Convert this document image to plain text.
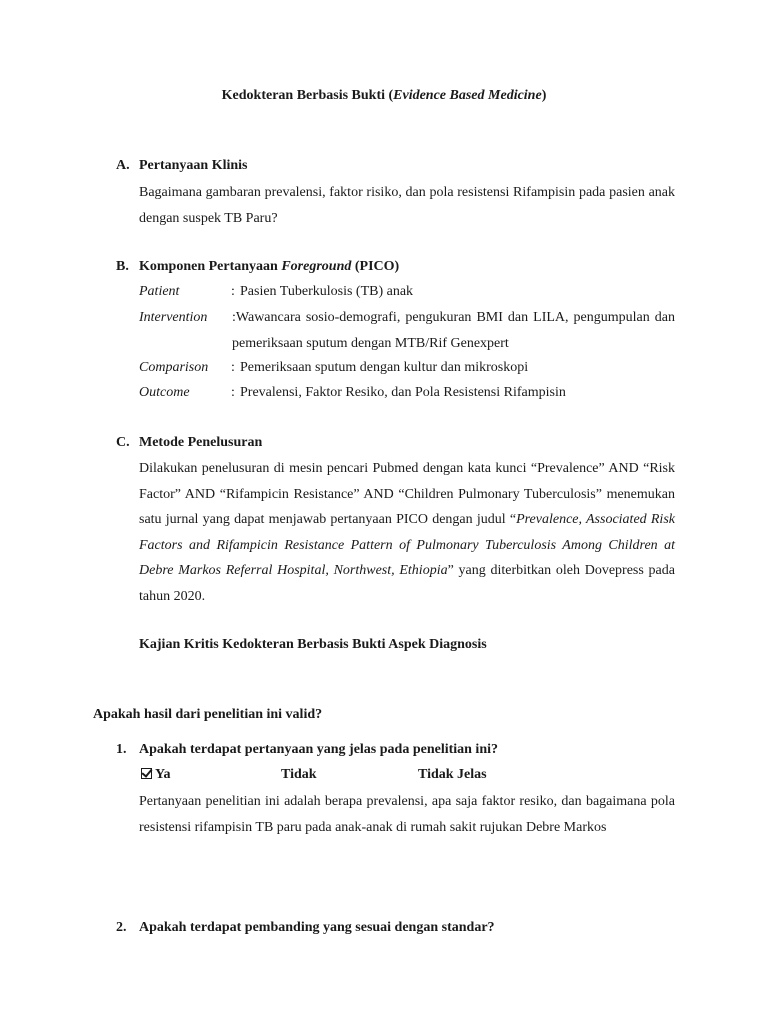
Kedokteran Berbasis Bukti (Evidence Based Medicine)
A. Pertanyaan Klinis
Bagaimana gambaran prevalensi, faktor risiko, dan pola resistensi Rifampisin pada pasien anak dengan suspek TB Paru?
B. Komponen Pertanyaan Foreground (PICO)
Patient	: Pasien Tuberkulosis (TB) anak
Intervention :Wawancara sosio-demografi, pengukuran BMI dan LILA, pengumpulan dan pemeriksaan sputum dengan MTB/Rif Genexpert
Comparison : Pemeriksaan sputum dengan kultur dan mikroskopi
Outcome	: Prevalensi, Faktor Resiko, dan Pola Resistensi Rifampisin
C. Metode Penelusuran
Dilakukan penelusuran di mesin pencari Pubmed dengan kata kunci “Prevalence” AND “Risk Factor” AND “Rifampicin Resistance” AND “Children Pulmonary Tuberculosis” menemukan satu jurnal yang dapat menjawab pertanyaan PICO dengan judul “Prevalence, Associated Risk Factors and Rifampicin Resistance Pattern of Pulmonary Tuberculosis Among Children at Debre Markos Referral Hospital, Northwest, Ethiopia” yang diterbitkan oleh Dovepress pada tahun 2020.
Kajian Kritis Kedokteran Berbasis Bukti Aspek Diagnosis
Apakah hasil dari penelitian ini valid?
1. Apakah terdapat pertanyaan yang jelas pada penelitian ini?
Ya	Tidak	Tidak Jelas
Pertanyaan penelitian ini adalah berapa prevalensi, apa saja faktor resiko, dan bagaimana pola resistensi rifampisin TB paru pada anak-anak di rumah sakit rujukan Debre Markos
2. Apakah terdapat pembanding yang sesuai dengan standar?
